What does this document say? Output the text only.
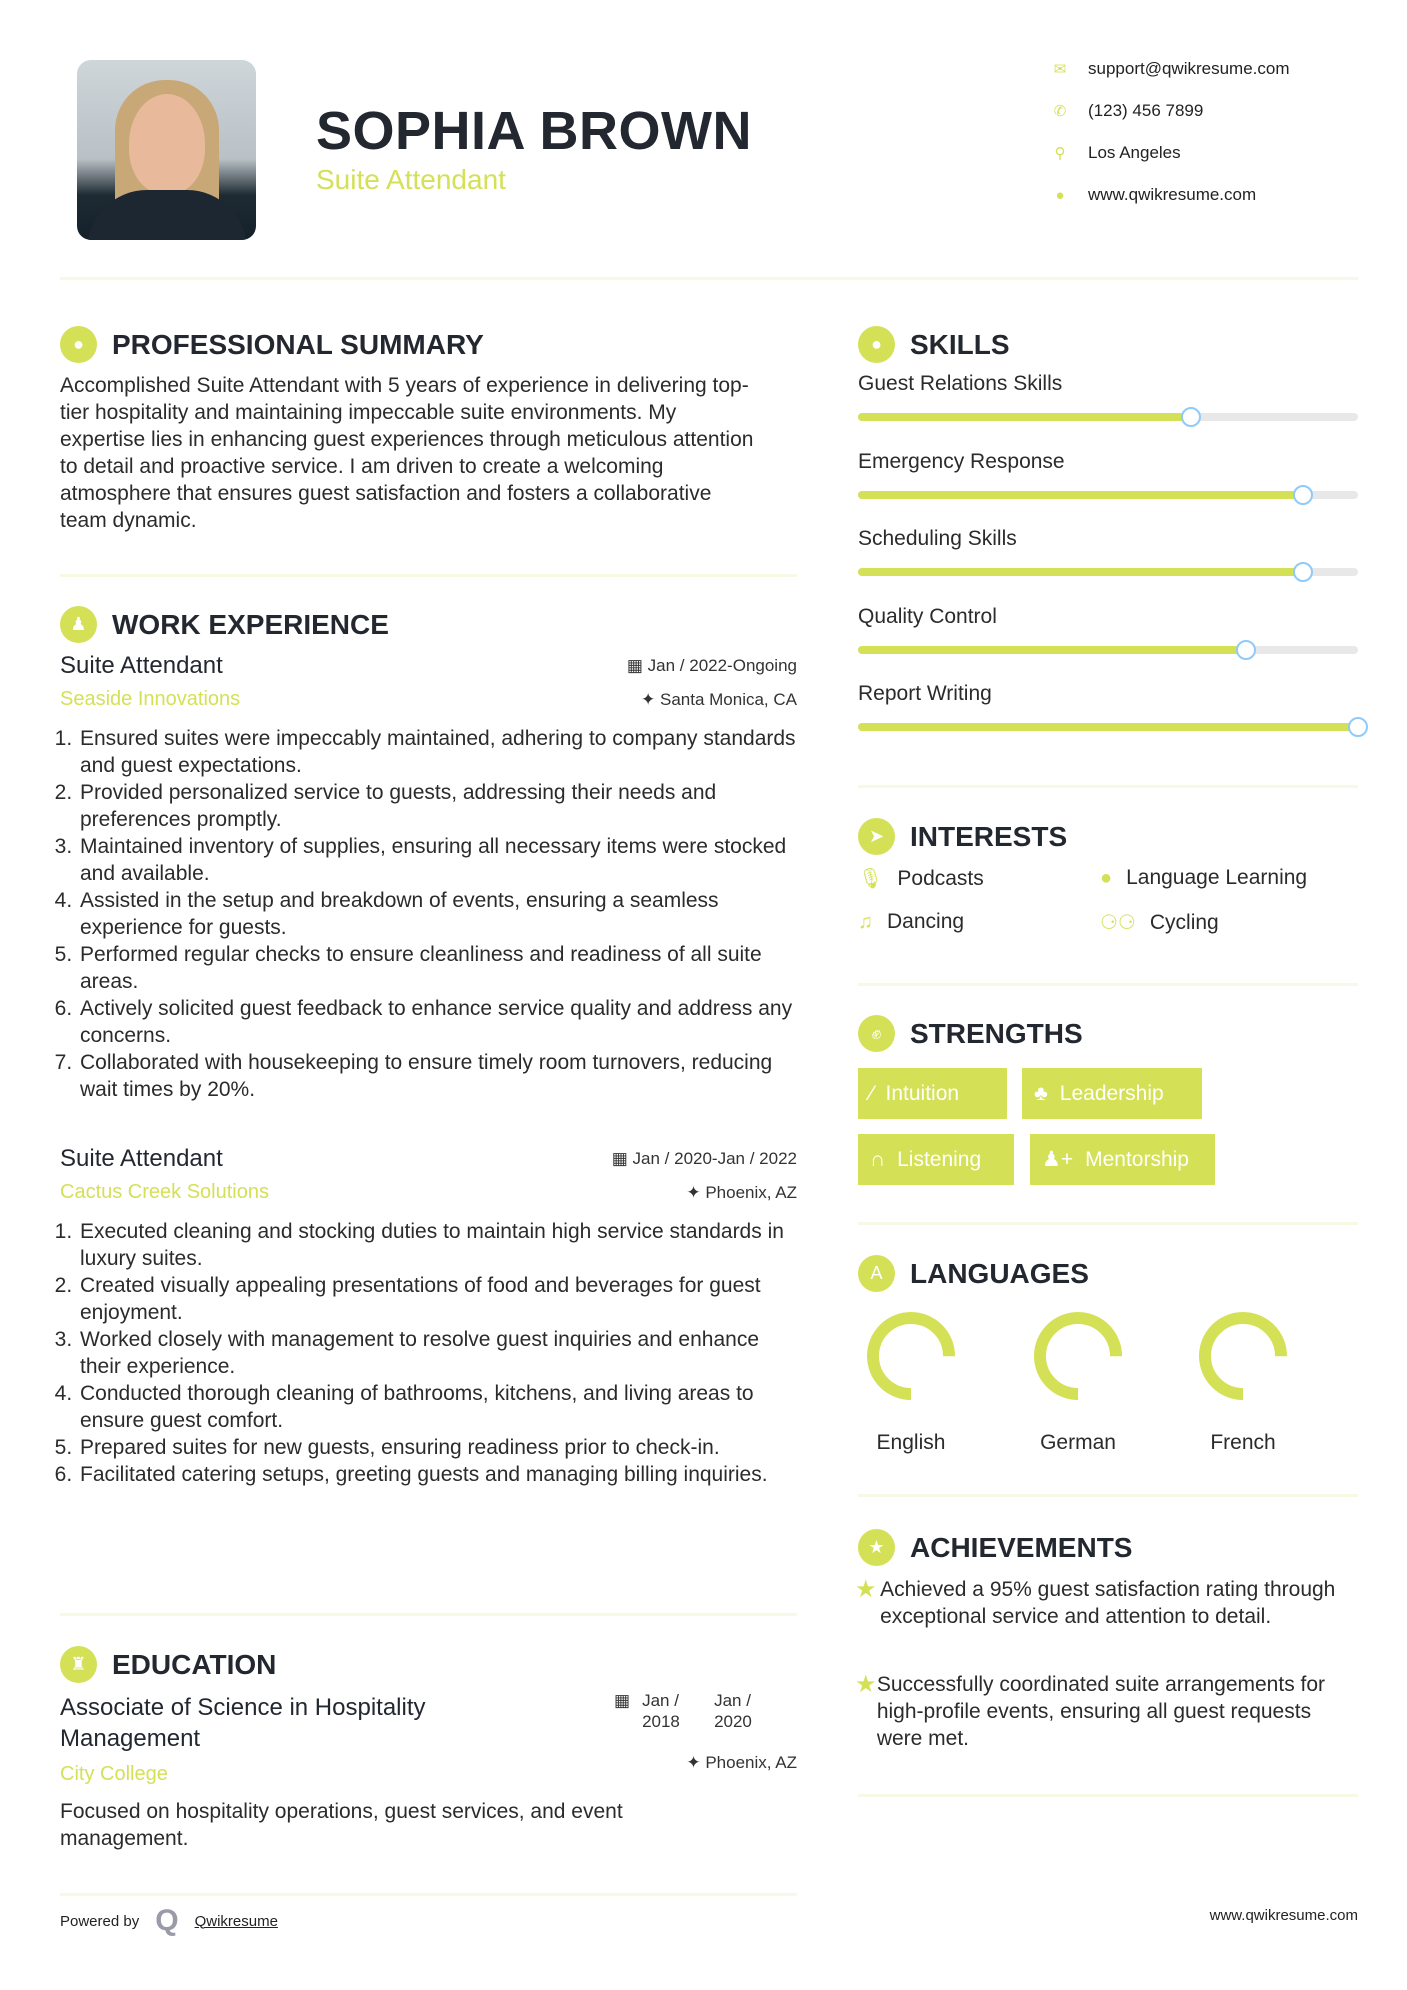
SOPHIA BROWN
Suite Attendant
✉ support@qwikresume.com
✆ (123) 456 7899
⚲ Los Angeles
● www.qwikresume.com
●	PROFESSIONAL SUMMARY
Accomplished Suite Attendant with 5 years of experience in delivering top-tier hospitality and maintaining impeccable suite environments. My expertise lies in enhancing guest experiences through meticulous attention to detail and proactive service. I am driven to create a welcoming atmosphere that ensures guest satisfaction and fosters a collaborative team dynamic.
♟ WORK EXPERIENCE
Suite Attendant	▦ Jan / 2022-Ongoing
Seaside Innovations	✦ Santa Monica, CA
1. Ensured suites were impeccably maintained, adhering to company standards and guest expectations.
2. Provided personalized service to guests, addressing their needs and preferences promptly.
3. Maintained inventory of supplies, ensuring all necessary items were stocked and available.
4. Assisted in the setup and breakdown of events, ensuring a seamless experience for guests.
5. Performed regular checks to ensure cleanliness and readiness of all suite areas.
6. Actively solicited guest feedback to enhance service quality and address any concerns.
7. Collaborated with housekeeping to ensure timely room turnovers, reducing wait times by 20%.
Suite Attendant	▦ Jan / 2020-Jan / 2022
Cactus Creek Solutions	✦ Phoenix, AZ
1. Executed cleaning and stocking duties to maintain high service standards in luxury suites.
2. Created visually appealing presentations of food and beverages for guest enjoyment.
3. Worked closely with management to resolve guest inquiries and enhance their experience.
4. Conducted thorough cleaning of bathrooms, kitchens, and living areas to ensure guest comfort.
5. Prepared suites for new guests, ensuring readiness prior to check-in.
6. Facilitated catering setups, greeting guests and managing billing inquiries.
♜ EDUCATION
Associate of Science in Hospitality Management
▦ Jan / 2018
Jan / 2020
City College
✦ Phoenix, AZ
Focused on hospitality operations, guest services, and event management.
Powered by Q Qwikresume	www.qwikresume.com
●	SKILLS
Guest Relations Skills
Emergency Response
Scheduling Skills
Quality Control
Report Writing
➤ INTERESTS
🎙︎ Podcasts	● Language Learning
♫ Dancing	⚆⚆ Cycling
✊︎	STRENGTHS
⁄ Intuition	♣ Leadership
∩ Listening	♟+ Mentorship
A LANGUAGES
English	German	French
★ ACHIEVEMENTS
★ Achieved a 95% guest satisfaction rating through exceptional service and attention to detail.
★ Successfully coordinated suite arrangements for high-profile events, ensuring all guest requests were met.
